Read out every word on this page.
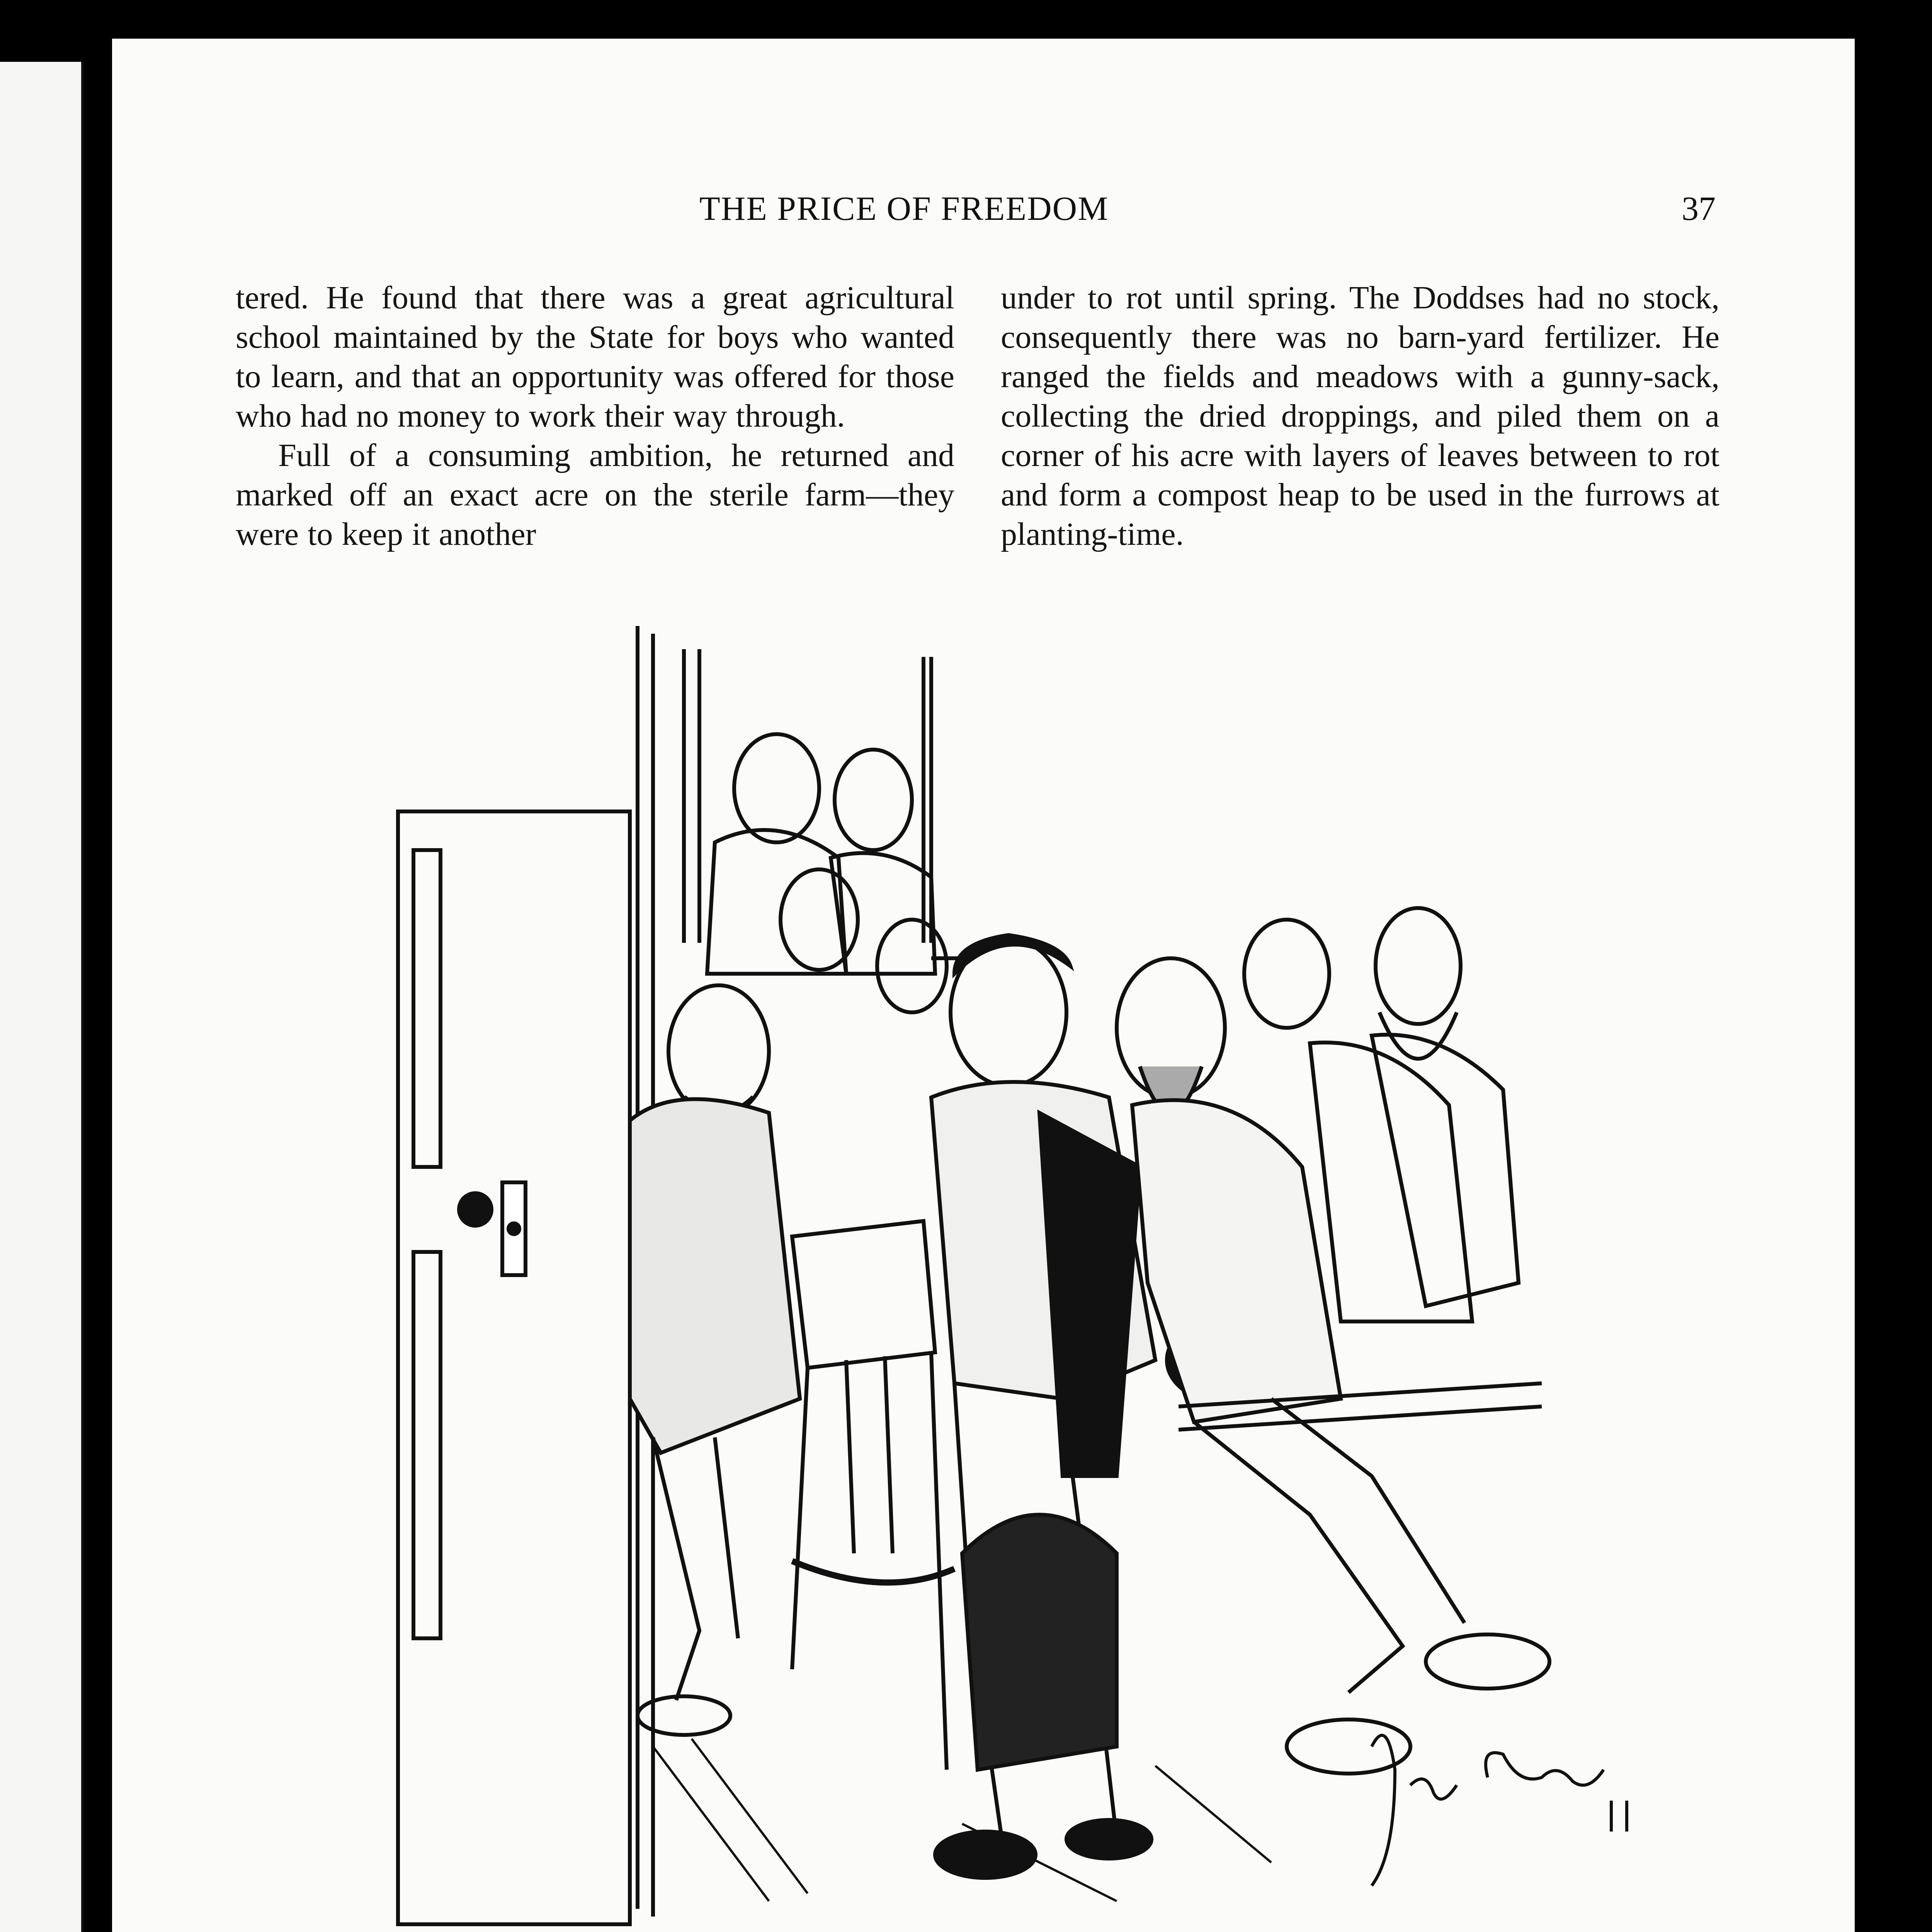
THE PRICE OF FREEDOM	37

tered. He found that there was a great agricultural school maintained by the State for boys who wanted to learn, and that an opportunity was offered for those who had no money to work their way through.

Full of a consuming ambition, he returned and marked off an exact acre on the sterile farm—they were to keep it another

under to rot until spring. The Doddses had no stock, consequently there was no barn-yard fertilizer. He ranged the fields and meadows with a gunny-sack, collecting the dried droppings, and piled them on a corner of his acre with layers of leaves between to rot and form a compost heap to be used in the furrows at planting-time.
